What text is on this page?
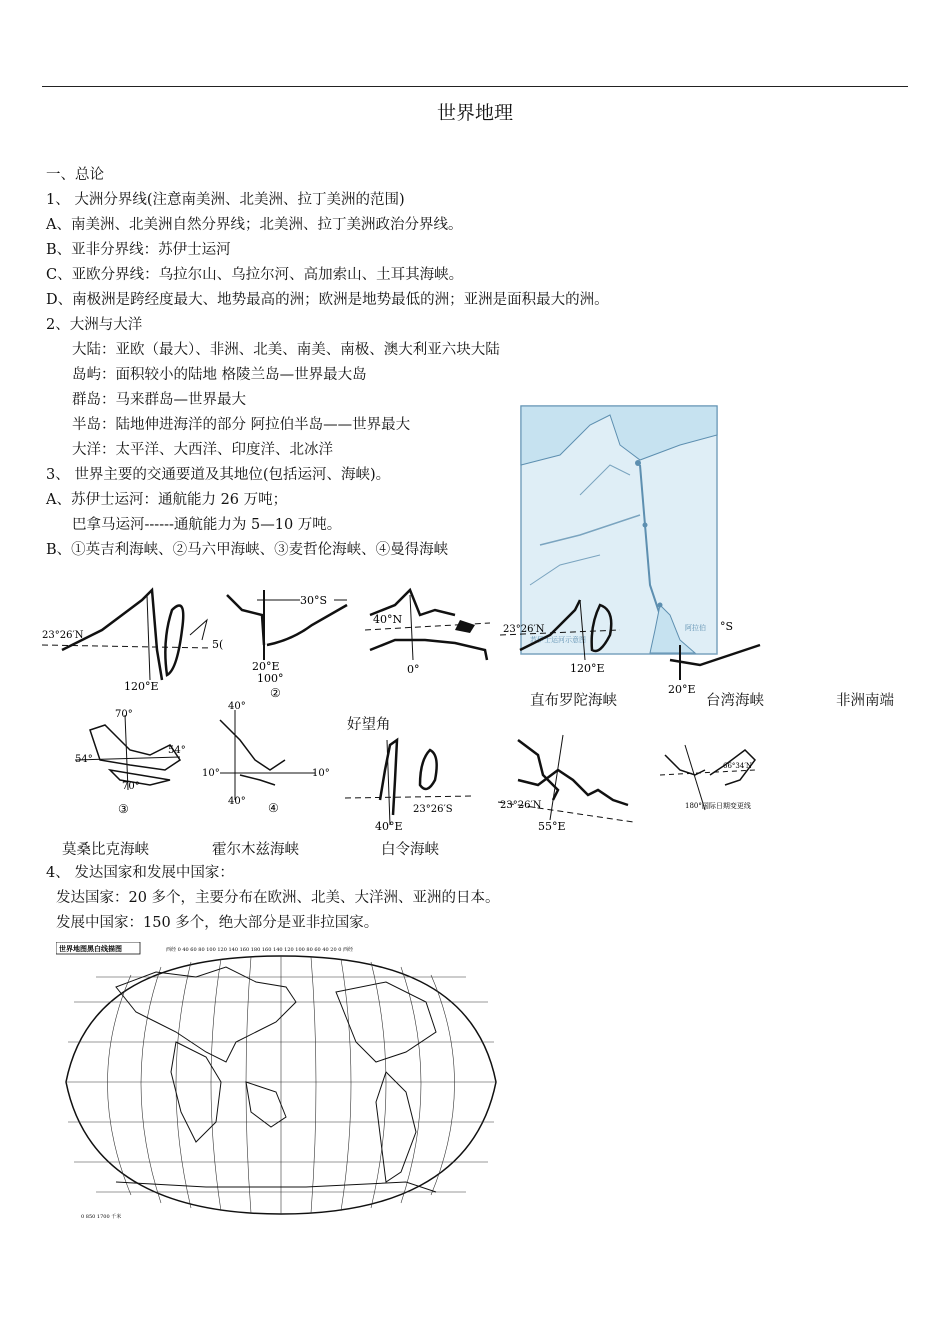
世界地理
一、总论
1、 大洲分界线(注意南美洲、北美洲、拉丁美洲的范围)
A、南美洲、北美洲自然分界线；北美洲、拉丁美洲政治分界线。
B、亚非分界线：苏伊士运河
C、亚欧分界线：乌拉尔山、乌拉尔河、高加索山、土耳其海峡。
D、南极洲是跨经度最大、地势最高的洲；欧洲是地势最低的洲；亚洲是面积最大的洲。
2、大洲与大洋
大陆：亚欧（最大）、非洲、北美、南美、南极、澳大利亚六块大陆
岛屿：面积较小的陆地 格陵兰岛—世界最大岛
群岛：马来群岛—世界最大
半岛：陆地伸进海洋的部分 阿拉伯半岛——世界最大
大洋：太平洋、大西洋、印度洋、北冰洋
3、 世界主要的交通要道及其地位(包括运河、海峡)。
A、苏伊士运河：通航能力 26 万吨；
巴拿马运河------通航能力为 5—10 万吨。
B、①英吉利海峡、②马六甲海峡、③麦哲伦海峡、④曼得海峡
苏伊士运河示意图
阿拉伯
23°26′N
120°E
5(
30°S
20°E
100°
②
40°N
0°
23°26′N
120°E
°S
20°E
直布罗陀海峡	台湾海峡	非洲南端
好望角
70°
54°
54°
70°
③
40°
10°	10°
40° ④	23°26′S
40°E
23°26′N
55°E
66°34′N
180°国际日期变更线
莫桑比克海峡	霍尔木兹海峡	白令海峡
4、 发达国家和发展中国家：
发达国家：20 多个，主要分布在欧洲、北美、大洋洲、亚洲的日本。
发展中国家：150 多个，绝大部分是亚非拉国家。
世界地图黑白线描图	西经 0 40 60 80 100 120 140 160 180 160 140 120 100 80 60 40 20 0 西经
0 850 1700 千米
